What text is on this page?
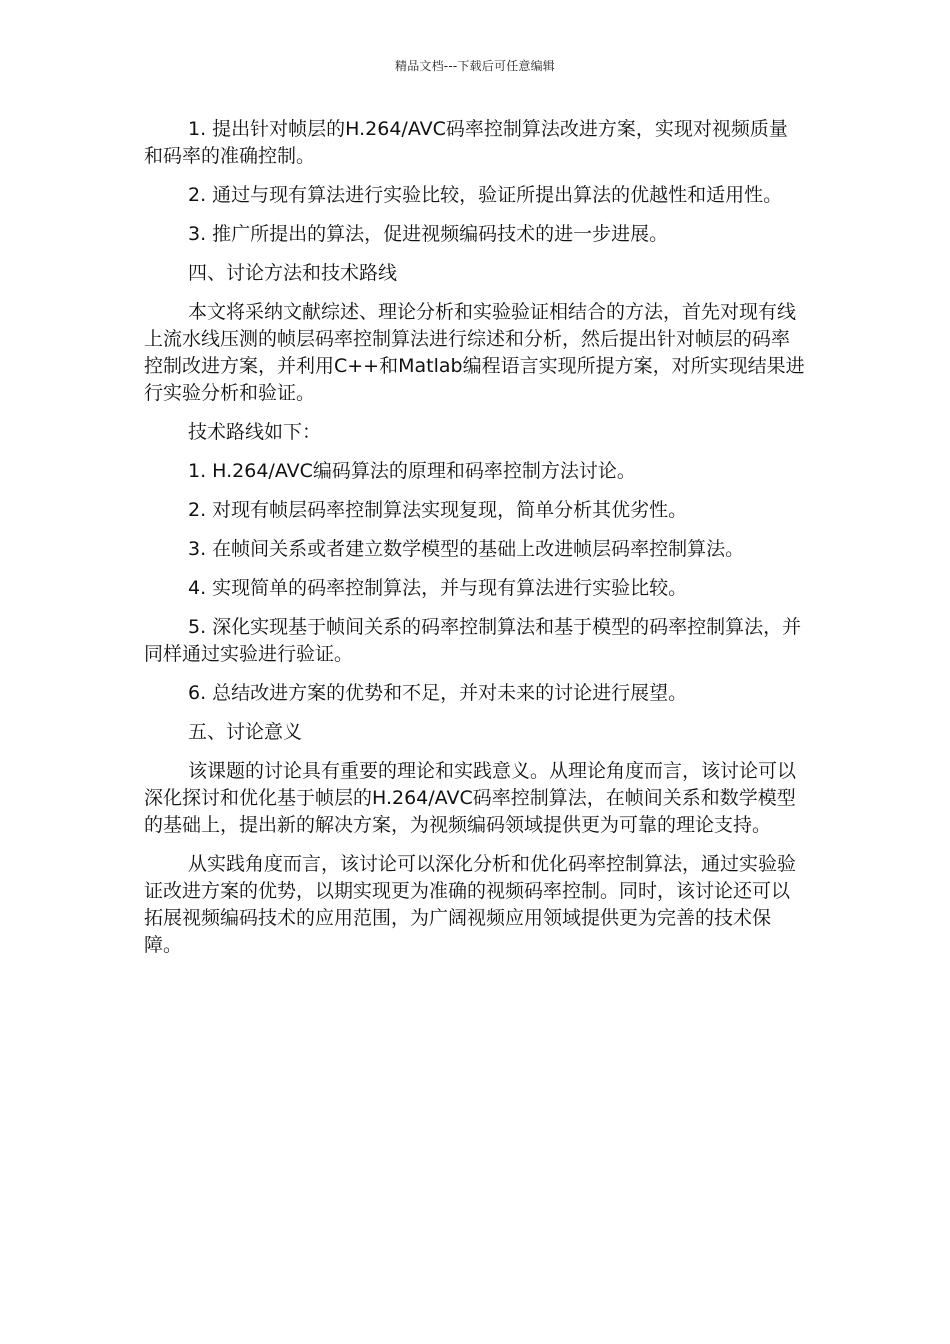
精品文档---下载后可任意编辑

1. 提出针对帧层的H.264/AVC码率控制算法改进方案，实现对视频质量和码率的准确控制。

2. 通过与现有算法进行实验比较，验证所提出算法的优越性和适用性。

3. 推广所提出的算法，促进视频编码技术的进一步进展。

四、讨论方法和技术路线

本文将采纳文献综述、理论分析和实验验证相结合的方法，首先对现有线上流水线压测的帧层码率控制算法进行综述和分析，然后提出针对帧层的码率控制改进方案，并利用C++和Matlab编程语言实现所提方案，对所实现结果进行实验分析和验证。

技术路线如下：

1. H.264/AVC编码算法的原理和码率控制方法讨论。

2. 对现有帧层码率控制算法实现复现，简单分析其优劣性。

3. 在帧间关系或者建立数学模型的基础上改进帧层码率控制算法。

4. 实现简单的码率控制算法，并与现有算法进行实验比较。

5. 深化实现基于帧间关系的码率控制算法和基于模型的码率控制算法，并同样通过实验进行验证。

6. 总结改进方案的优势和不足，并对未来的讨论进行展望。

五、讨论意义

该课题的讨论具有重要的理论和实践意义。从理论角度而言，该讨论可以深化探讨和优化基于帧层的H.264/AVC码率控制算法，在帧间关系和数学模型的基础上，提出新的解决方案，为视频编码领域提供更为可靠的理论支持。

从实践角度而言，该讨论可以深化分析和优化码率控制算法，通过实验验证改进方案的优势，以期实现更为准确的视频码率控制。同时，该讨论还可以拓展视频编码技术的应用范围，为广阔视频应用领域提供更为完善的技术保障。
